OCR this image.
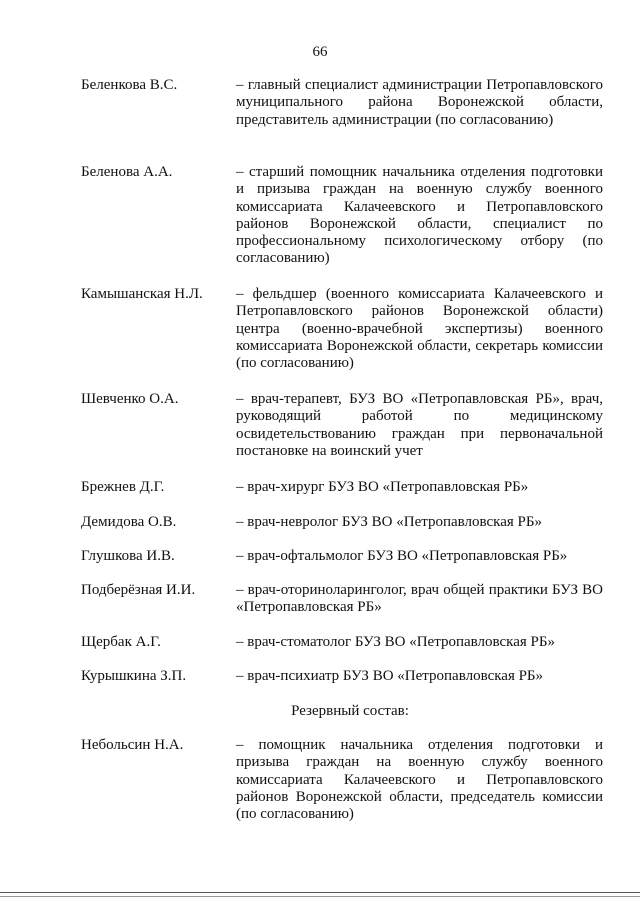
66
Беленкова В.С.	– главный специалист администрации Петропавловского муниципального района Воронежской области, представитель администрации (по согласованию)
Беленова А.А.	– старший помощник начальника отделения подготовки и призыва граждан на военную службу военного комиссариата Калачеевского и Петропавловского районов Воронежской области, специалист по профессиональному психологическому отбору (по согласованию)
Камышанская Н.Л.	– фельдшер (военного комиссариата Калачеевского и Петропавловского районов Воронежской области) центра (военно-врачебной экспертизы) военного комиссариата Воронежской области, секретарь комиссии (по согласованию)
Шевченко О.А.	– врач-терапевт, БУЗ ВО «Петропавловская РБ», врач, руководящий работой по медицинскому освидетельствованию граждан при первоначальной постановке на воинский учет
Брежнев Д.Г.	– врач-хирург БУЗ ВО «Петропавловская РБ»
Демидова О.В.	– врач-невролог БУЗ ВО «Петропавловская РБ»
Глушкова И.В.	– врач-офтальмолог БУЗ ВО «Петропавловская РБ»
Подберёзная И.И.	– врач-оториноларинголог, врач общей практики БУЗ ВО «Петропавловская РБ»
Щербак А.Г.	– врач-стоматолог БУЗ ВО «Петропавловская РБ»
Курышкина З.П.	– врач-психиатр БУЗ ВО «Петропавловская РБ»
Резервный состав:
Небольсин Н.А.	– помощник начальника отделения подготовки и призыва граждан на военную службу военного комиссариата Калачеевского и Петропавловского районов Воронежской области, председатель комиссии (по согласованию)
